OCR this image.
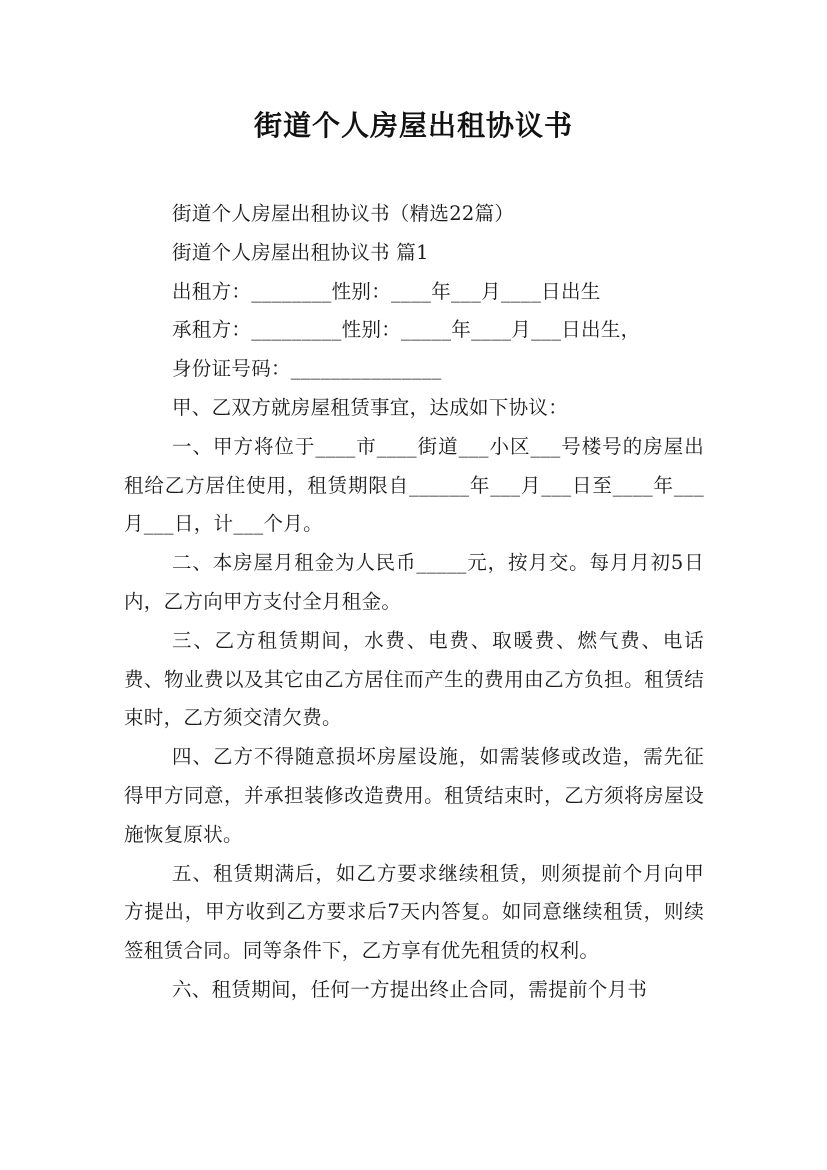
街道个人房屋出租协议书

街道个人房屋出租协议书（精选22篇）

街道个人房屋出租协议书 篇1

出租方：________性别：____年___月____日出生

承租方：_________性别：_____年____月___日出生，

身份证号码：_______________

甲、乙双方就房屋租赁事宜，达成如下协议：

一、甲方将位于____市____街道___小区___号楼号的房屋出租给乙方居住使用，租赁期限自______年___月___日至____年___月___日，计___个月。

二、本房屋月租金为人民币_____元，按月交。每月月初5日内，乙方向甲方支付全月租金。

三、乙方租赁期间，水费、电费、取暖费、燃气费、电话费、物业费以及其它由乙方居住而产生的费用由乙方负担。租赁结束时，乙方须交清欠费。

四、乙方不得随意损坏房屋设施，如需装修或改造，需先征得甲方同意，并承担装修改造费用。租赁结束时，乙方须将房屋设施恢复原状。

五、租赁期满后，如乙方要求继续租赁，则须提前个月向甲方提出，甲方收到乙方要求后7天内答复。如同意继续租赁，则续签租赁合同。同等条件下，乙方享有优先租赁的权利。

六、租赁期间，任何一方提出终止合同，需提前个月书
